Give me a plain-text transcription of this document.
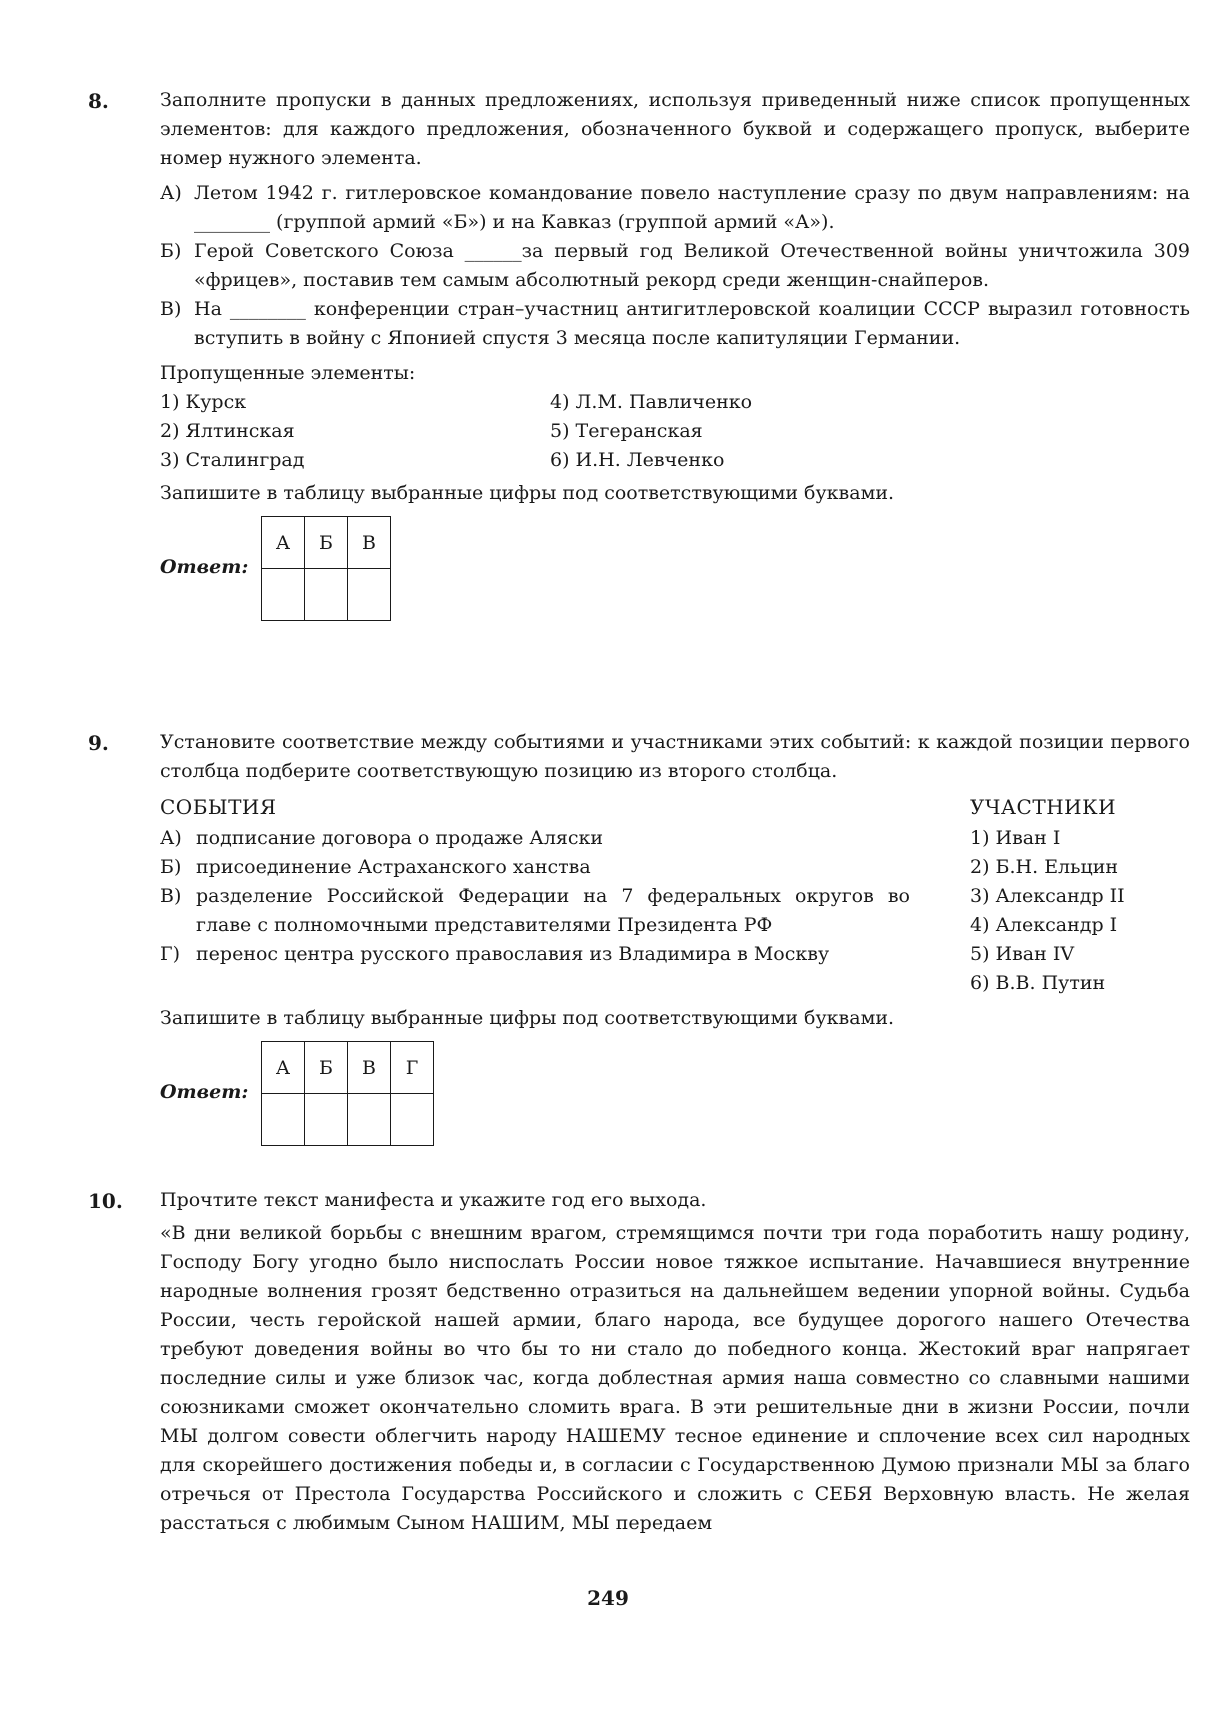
8.	Заполните пропуски в данных предложениях, используя приведенный ниже список пропущенных элементов: для каждого предложения, обозначенного буквой и содержащего пропуск, выберите номер нужного элемента.

А) Летом 1942 г. гитлеровское командование повело наступление сразу по двум направлениям: на ________ (группой армий «Б») и на Кавказ (группой армий «А»).
Б) Герой Советского Союза ______за первый год Великой Отечественной войны уничтожила 309 «фрицев», поставив тем самым абсолютный рекорд среди женщин-снайперов.
В) На ________ конференции стран–участниц антигитлеровской коалиции СССР выразил готовность вступить в войну с Японией спустя 3 месяца после капитуляции Германии.

Пропущенные элементы:

1) Курск	4) Л.М. Павличенко
2) Ялтинская	5) Тегеранская
3) Сталинград	6) И.Н. Левченко

Запишите в таблицу выбранные цифры под соответствующими буквами.

Ответ:
А	Б	В

9.	Установите соответствие между событиями и участниками этих событий: к каждой позиции первого столбца подберите соответствующую позицию из второго столбца.

СОБЫТИЯ	УЧАСТНИКИ
А) подписание договора о продаже Аляски
Б) присоединение Астраханского ханства
В) разделение Российской Федерации на 7 федеральных округов во главе с полномочными представителями Президента РФ
Г) перенос центра русского православия из Владимира в Москву
1) Иван I
2) Б.Н. Ельцин
3) Александр II
4) Александр I
5) Иван IV
6) В.В. Путин

Запишите в таблицу выбранные цифры под соответствующими буквами.

Ответ:
А	Б	В	Г

10. Прочтите текст манифеста и укажите год его выхода.

«В дни великой борьбы с внешним врагом, стремящимся почти три года поработить нашу родину, Господу Богу угодно было ниспослать России новое тяжкое испытание. Начавшиеся внутренние народные волнения грозят бедственно отразиться на дальнейшем ведении упорной войны. Судьба России, честь геройской нашей армии, благо народа, все будущее дорогого нашего Отечества требуют доведения войны во что бы то ни стало до победного конца. Жестокий враг напрягает последние силы и уже близок час, когда доблестная армия наша совместно со славными нашими союзниками сможет окончательно сломить врага. В эти решительные дни в жизни России, почли МЫ долгом совести облегчить народу НАШЕМУ тесное единение и сплочение всех сил народных для скорейшего достижения победы и, в согласии с Государственною Думою признали МЫ за благо отречься от Престола Государства Российского и сложить с СЕБЯ Верховную власть. Не желая расстаться с любимым Сыном НАШИМ, МЫ передаем

249
